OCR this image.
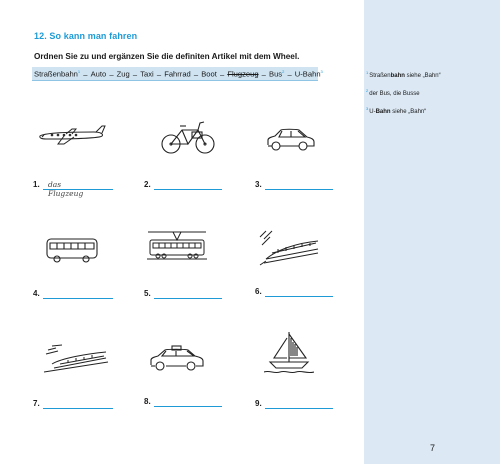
12. So kann man fahren
Ordnen Sie zu und ergänzen Sie die definiten Artikel mit dem Wheel.
Straßenbahn$^1$ – Auto – Zug – Taxi – Fahrrad – Boot – Flugzeug – Bus$^2$ – U-Bahn$^3$
1. das Flugzeug
2.	3.
4.	5.	6.
7.	8.	9.
$^1$Straßenbahn siehe „Bahn“
$^2$der Bus, die Busse
$^3$U-Bahn siehe „Bahn“
7
